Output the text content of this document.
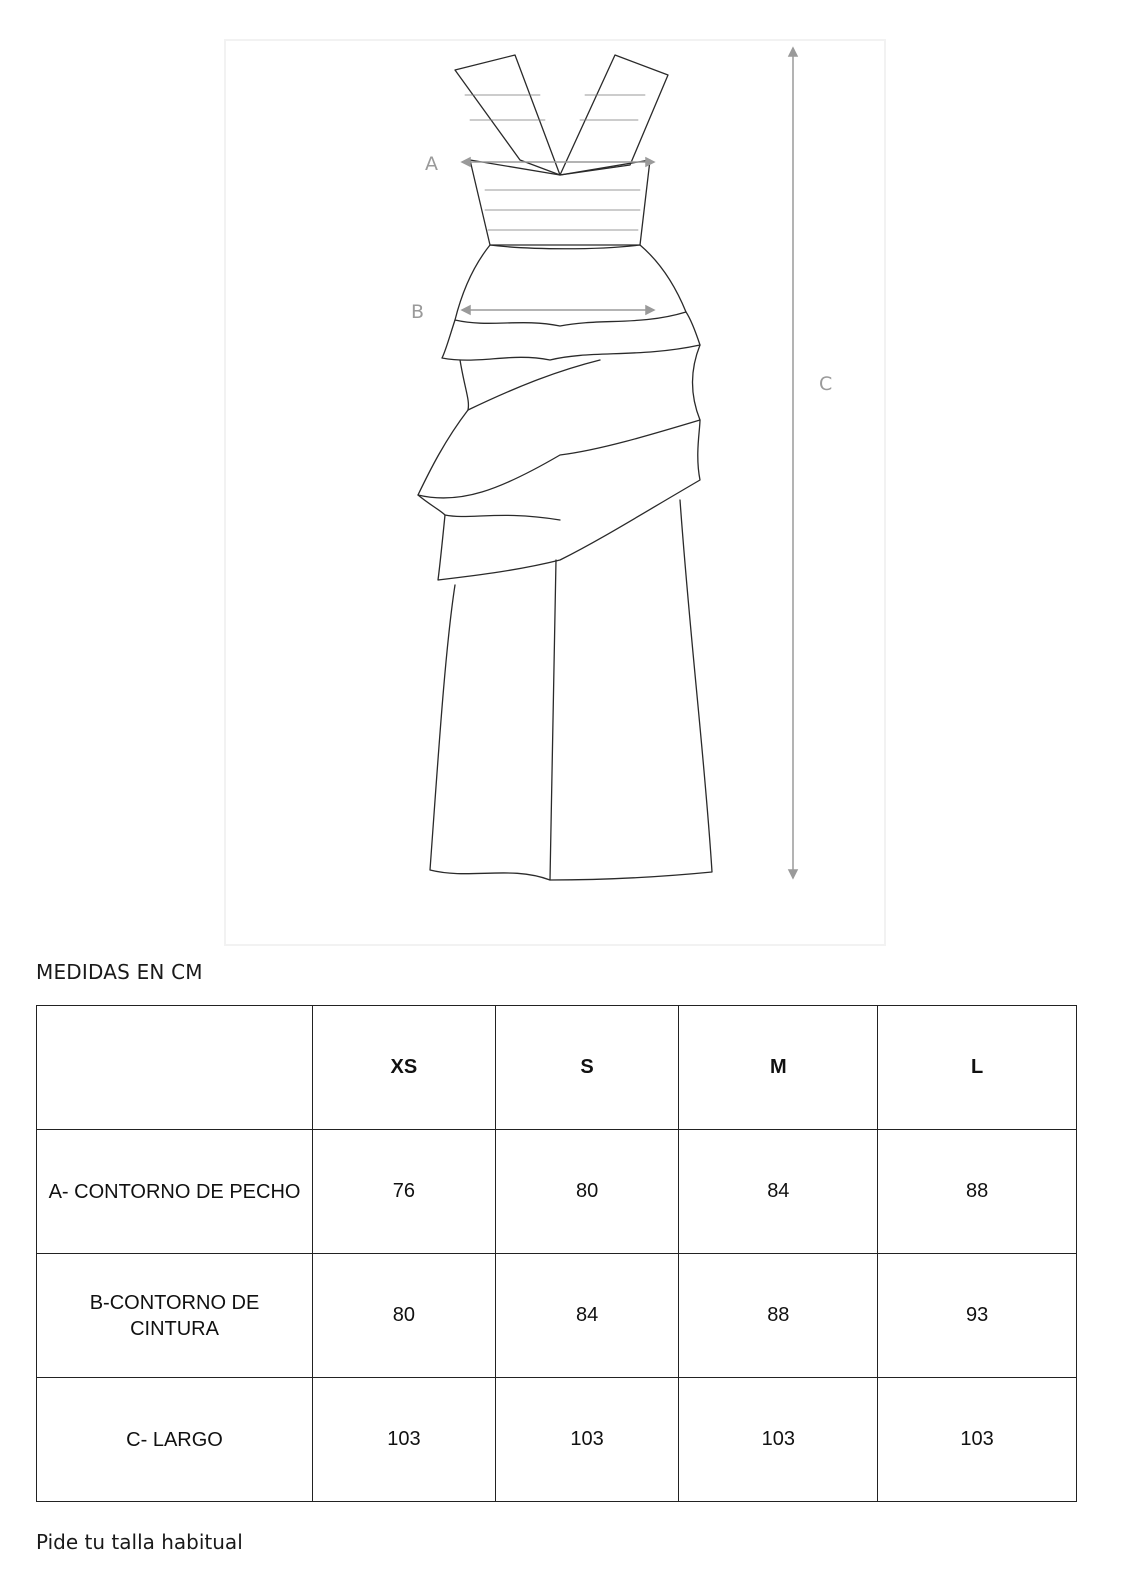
A
B
C
MEDIDAS EN CM
	XS	S	M	L
A- CONTORNO DE PECHO	76	80	84	88
B-CONTORNO DE CINTURA	80	84	88	93
C- LARGO	103	103	103	103
Pide tu talla habitual
